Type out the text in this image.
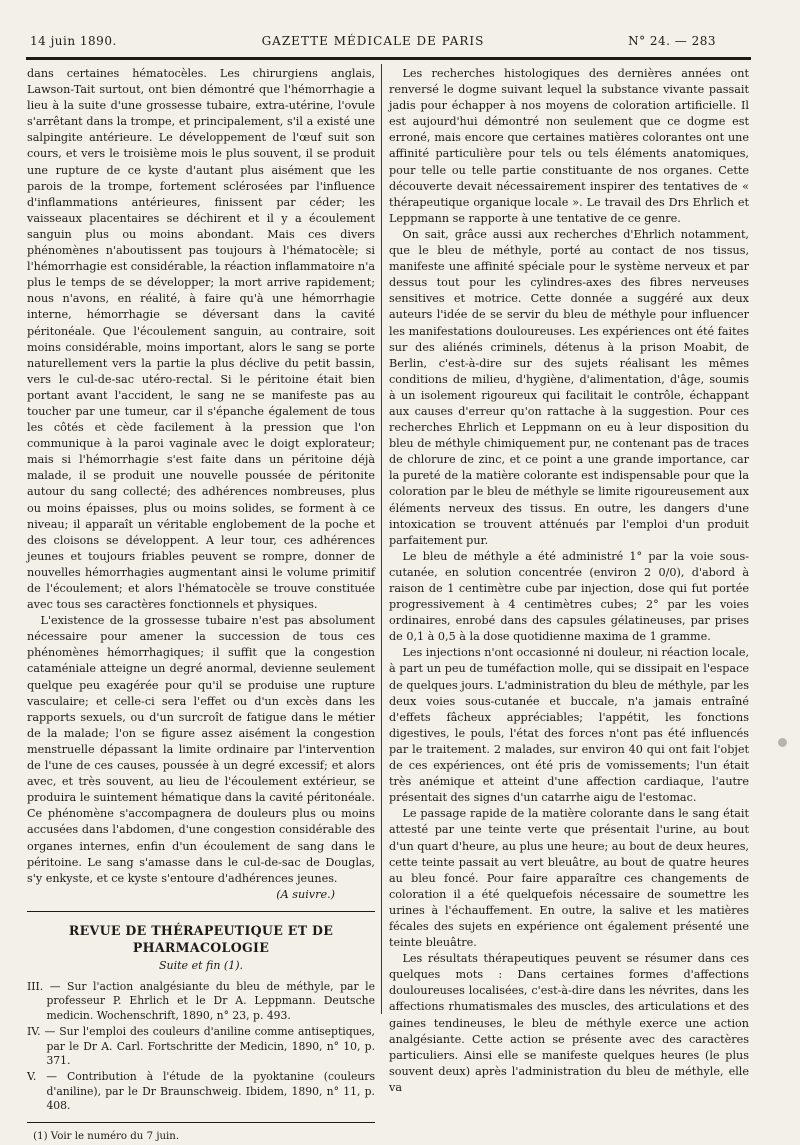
14 juin 1890.	GAZETTE MÉDICALE DE PARIS	N° 24. — 283

dans certaines hématocèles. Les chirurgiens anglais, Lawson-Tait surtout, ont bien démontré que l'hémorrhagie a lieu à la suite d'une grossesse tubaire, extra-utérine, l'ovule s'arrêtant dans la trompe, et principalement, s'il a existé une salpingite antérieure. Le développement de l'œuf suit son cours, et vers le troisième mois le plus souvent, il se produit une rupture de ce kyste d'autant plus aisément que les parois de la trompe, fortement sclérosées par l'influence d'inflammations antérieures, finissent par céder; les vaisseaux placentaires se déchirent et il y a écoulement sanguin plus ou moins abondant. Mais ces divers phénomènes n'aboutissent pas toujours à l'hématocèle; si l'hémorrhagie est considérable, la réaction inflammatoire n'a plus le temps de se développer; la mort arrive rapidement; nous n'avons, en réalité, à faire qu'à une hémorrhagie interne, hémorrhagie se déversant dans la cavité péritonéale. Que l'écoulement sanguin, au contraire, soit moins considérable, moins important, alors le sang se porte naturellement vers la partie la plus déclive du petit bassin, vers le cul-de-sac utéro-rectal. Si le péritoine était bien portant avant l'accident, le sang ne se manifeste pas au toucher par une tumeur, car il s'épanche également de tous les côtés et cède facilement à la pression que l'on communique à la paroi vaginale avec le doigt explorateur; mais si l'hémorrhagie s'est faite dans un péritoine déjà malade, il se produit une nouvelle poussée de péritonite autour du sang collecté; des adhérences nombreuses, plus ou moins épaisses, plus ou moins solides, se forment à ce niveau; il apparaît un véritable englobement de la poche et des cloisons se développent. A leur tour, ces adhérences jeunes et toujours friables peuvent se rompre, donner de nouvelles hémorrhagies augmentant ainsi le volume primitif de l'écoulement; et alors l'hématocèle se trouve constituée avec tous ses caractères fonctionnels et physiques.

L'existence de la grossesse tubaire n'est pas absolument nécessaire pour amener la succession de tous ces phénomènes hémorrhagiques; il suffit que la congestion cataméniale atteigne un degré anormal, devienne seulement quelque peu exagérée pour qu'il se produise une rupture vasculaire; et celle-ci sera l'effet ou d'un excès dans les rapports sexuels, ou d'un surcroît de fatigue dans le métier de la malade; l'on se figure assez aisément la congestion menstruelle dépassant la limite ordinaire par l'intervention de l'une de ces causes, poussée à un degré excessif; et alors avec, et très souvent, au lieu de l'écoulement extérieur, se produira le suintement hématique dans la cavité péritonéale. Ce phénomène s'accompagnera de douleurs plus ou moins accusées dans l'abdomen, d'une congestion considérable des organes internes, enfin d'un écoulement de sang dans le péritoine. Le sang s'amasse dans le cul-de-sac de Douglas, s'y enkyste, et ce kyste s'entoure d'adhérences jeunes.

(A suivre.)
REVUE DE THÉRAPEUTIQUE ET DE PHARMACOLOGIE
Suite et fin (1).

III. — Sur l'action analgésiante du bleu de méthyle, par le professeur P. Ehrlich et le Dr A. Leppmann. Deutsche medicin. Wochenschrift, 1890, n° 23, p. 493.

IV. — Sur l'emploi des couleurs d'aniline comme antiseptiques, par le Dr A. Carl. Fortschritte der Medicin, 1890, n° 10, p. 371.

V. — Contribution à l'étude de la pyoktanine (couleurs d'aniline), par le Dr Braunschweig. Ibidem, 1890, n° 11, p. 408.

(1) Voir le numéro du 7 juin.

Les recherches histologiques des dernières années ont renversé le dogme suivant lequel la substance vivante passait jadis pour échapper à nos moyens de coloration artificielle. Il est aujourd'hui démontré non seulement que ce dogme est erroné, mais encore que certaines matières colorantes ont une affinité particulière pour tels ou tels éléments anatomiques, pour telle ou telle partie constituante de nos organes. Cette découverte devait nécessairement inspirer des tentatives de « thérapeutique organique locale ». Le travail des Drs Ehrlich et Leppmann se rapporte à une tentative de ce genre.

On sait, grâce aussi aux recherches d'Ehrlich notamment, que le bleu de méthyle, porté au contact de nos tissus, manifeste une affinité spéciale pour le système nerveux et par dessus tout pour les cylindres-axes des fibres nerveuses sensitives et motrice. Cette donnée a suggéré aux deux auteurs l'idée de se servir du bleu de méthyle pour influencer les manifestations douloureuses. Les expériences ont été faites sur des aliénés criminels, détenus à la prison Moabit, de Berlin, c'est-à-dire sur des sujets réalisant les mêmes conditions de milieu, d'hygiène, d'alimentation, d'âge, soumis à un isolement rigoureux qui facilitait le contrôle, échappant aux causes d'erreur qu'on rattache à la suggestion. Pour ces recherches Ehrlich et Leppmann on eu à leur disposition du bleu de méthyle chimiquement pur, ne contenant pas de traces de chlorure de zinc, et ce point a une grande importance, car la pureté de la matière colorante est indispensable pour que la coloration par le bleu de méthyle se limite rigoureusement aux éléments nerveux des tissus. En outre, les dangers d'une intoxication se trouvent atténués par l'emploi d'un produit parfaitement pur.

Le bleu de méthyle a été administré 1° par la voie sous-cutanée, en solution concentrée (environ 2 0/0), d'abord à raison de 1 centimètre cube par injection, dose qui fut portée progressivement à 4 centimètres cubes; 2° par les voies ordinaires, enrobé dans des capsules gélatineuses, par prises de 0,1 à 0,5 à la dose quotidienne maxima de 1 gramme.

Les injections n'ont occasionné ni douleur, ni réaction locale, à part un peu de tuméfaction molle, qui se dissipait en l'espace de quelques jours. L'administration du bleu de méthyle, par les deux voies sous-cutanée et buccale, n'a jamais entraîné d'effets fâcheux appréciables; l'appétit, les fonctions digestives, le pouls, l'état des forces n'ont pas été influencés par le traitement. 2 malades, sur environ 40 qui ont fait l'objet de ces expériences, ont été pris de vomissements; l'un était très anémique et atteint d'une affection cardiaque, l'autre présentait des signes d'un catarrhe aigu de l'estomac.

Le passage rapide de la matière colorante dans le sang était attesté par une teinte verte que présentait l'urine, au bout d'un quart d'heure, au plus une heure; au bout de deux heures, cette teinte passait au vert bleuâtre, au bout de quatre heures au bleu foncé. Pour faire apparaître ces changements de coloration il a été quelquefois nécessaire de soumettre les urines à l'échauffement. En outre, la salive et les matières fécales des sujets en expérience ont également présenté une teinte bleuâtre.

Les résultats thérapeutiques peuvent se résumer dans ces quelques mots : Dans certaines formes d'affections douloureuses localisées, c'est-à-dire dans les névrites, dans les affections rhumatismales des muscles, des articulations et des gaines tendineuses, le bleu de méthyle exerce une action analgésiante. Cette action se présente avec des caractères particuliers. Ainsi elle se manifeste quelques heures (le plus souvent deux) après l'administration du bleu de méthyle, elle va
